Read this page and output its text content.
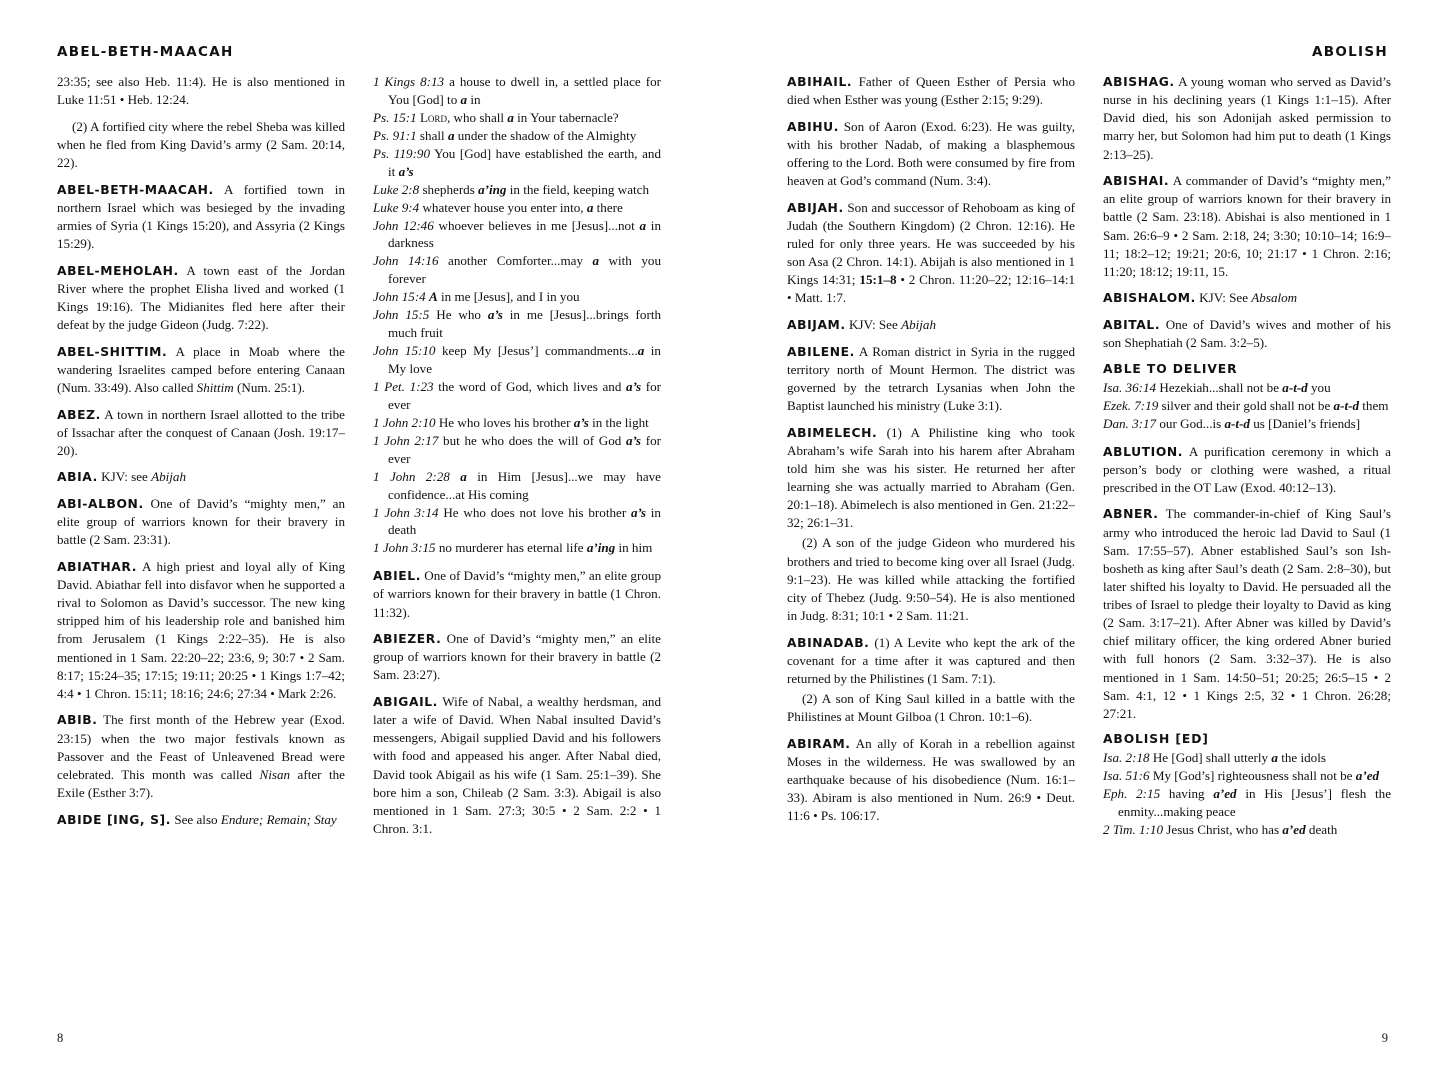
ABEL-BETH-MAACAH	ABOLISH

23:35; see also Heb. 11:4). He is also mentioned in Luke 11:51 • Heb. 12:24.

(2) A fortified city where the rebel Sheba was killed when he fled from King David’s army (2 Sam. 20:14, 22).

ABEL-BETH-MAACAH. A fortified town in northern Israel which was besieged by the invading armies of Syria (1 Kings 15:20), and Assyria (2 Kings 15:29).

ABEL-MEHOLAH. A town east of the Jordan River where the prophet Elisha lived and worked (1 Kings 19:16). The Midianites fled here after their defeat by the judge Gideon (Judg. 7:22).

ABEL-SHITTIM. A place in Moab where the wandering Israelites camped before entering Canaan (Num. 33:49). Also called Shittim (Num. 25:1).

ABEZ. A town in northern Israel allotted to the tribe of Issachar after the conquest of Canaan (Josh. 19:17–20).

ABIA. KJV: see Abijah

ABI-ALBON. One of David’s “mighty men,” an elite group of warriors known for their bravery in battle (2 Sam. 23:31).

ABIATHAR. A high priest and loyal ally of King David. Abiathar fell into disfavor when he supported a rival to Solomon as David’s successor. The new king stripped him of his leadership role and banished him from Jerusalem (1 Kings 2:22–35). He is also mentioned in 1 Sam. 22:20–22; 23:6, 9; 30:7 • 2 Sam. 8:17; 15:24–35; 17:15; 19:11; 20:25 • 1 Kings 1:7–42; 4:4 • 1 Chron. 15:11; 18:16; 24:6; 27:34 • Mark 2:26.

ABIB. The first month of the Hebrew year (Exod. 23:15) when the two major festivals known as Passover and the Feast of Unleavened Bread were celebrated. This month was called Nisan after the Exile (Esther 3:7).

ABIDE [ING, S]. See also Endure; Remain; Stay

1 Kings 8:13 a house to dwell in, a settled place for You [God] to a in

Ps. 15:1 Lord, who shall a in Your tabernacle?

Ps. 91:1 shall a under the shadow of the Almighty

Ps. 119:90 You [God] have established the earth, and it a’s

Luke 2:8 shepherds a’ing in the field, keeping watch

Luke 9:4 whatever house you enter into, a there

John 12:46 whoever believes in me [Jesus]...not a in darkness

John 14:16 another Comforter...may a with you forever

John 15:4 A in me [Jesus], and I in you

John 15:5 He who a’s in me [Jesus]...brings forth much fruit

John 15:10 keep My [Jesus’] commandments...a in My love

1 Pet. 1:23 the word of God, which lives and a’s for ever

1 John 2:10 He who loves his brother a’s in the light

1 John 2:17 but he who does the will of God a’s for ever

1 John 2:28 a in Him [Jesus]...we may have confidence...at His coming

1 John 3:14 He who does not love his brother a’s in death

1 John 3:15 no murderer has eternal life a’ing in him

ABIEL. One of David’s “mighty men,” an elite group of warriors known for their bravery in battle (1 Chron. 11:32).

ABIEZER. One of David’s “mighty men,” an elite group of warriors known for their bravery in battle (2 Sam. 23:27).

ABIGAIL. Wife of Nabal, a wealthy herdsman, and later a wife of David. When Nabal insulted David’s messengers, Abigail supplied David and his followers with food and appeased his anger. After Nabal died, David took Abigail as his wife (1 Sam. 25:1–39). She bore him a son, Chileab (2 Sam. 3:3). Abigail is also mentioned in 1 Sam. 27:3; 30:5 • 2 Sam. 2:2 • 1 Chron. 3:1.

ABIHAIL. Father of Queen Esther of Persia who died when Esther was young (Esther 2:15; 9:29).

ABIHU. Son of Aaron (Exod. 6:23). He was guilty, with his brother Nadab, of making a blasphemous offering to the Lord. Both were consumed by fire from heaven at God’s command (Num. 3:4).

ABIJAH. Son and successor of Rehoboam as king of Judah (the Southern Kingdom) (2 Chron. 12:16). He ruled for only three years. He was succeeded by his son Asa (2 Chron. 14:1). Abijah is also mentioned in 1 Kings 14:31; 15:1–8 • 2 Chron. 11:20–22; 12:16–14:1 • Matt. 1:7.

ABIJAM. KJV: See Abijah

ABILENE. A Roman district in Syria in the rugged territory north of Mount Hermon. The district was governed by the tetrarch Lysanias when John the Baptist launched his ministry (Luke 3:1).

ABIMELECH. (1) A Philistine king who took Abraham’s wife Sarah into his harem after Abraham told him she was his sister. He returned her after learning she was actually married to Abraham (Gen. 20:1–18). Abimelech is also mentioned in Gen. 21:22–32; 26:1–31.

(2) A son of the judge Gideon who murdered his brothers and tried to become king over all Israel (Judg. 9:1–23). He was killed while attacking the fortified city of Thebez (Judg. 9:50–54). He is also mentioned in Judg. 8:31; 10:1 • 2 Sam. 11:21.

ABINADAB. (1) A Levite who kept the ark of the covenant for a time after it was captured and then returned by the Philistines (1 Sam. 7:1).

(2) A son of King Saul killed in a battle with the Philistines at Mount Gilboa (1 Chron. 10:1–6).

ABIRAM. An ally of Korah in a rebellion against Moses in the wilderness. He was swallowed by an earthquake because of his disobedience (Num. 16:1–33). Abiram is also mentioned in Num. 26:9 • Deut. 11:6 • Ps. 106:17.

ABISHAG. A young woman who served as David’s nurse in his declining years (1 Kings 1:1–15). After David died, his son Adonijah asked permission to marry her, but Solomon had him put to death (1 Kings 2:13–25).

ABISHAI. A commander of David’s “mighty men,” an elite group of warriors known for their bravery in battle (2 Sam. 23:18). Abishai is also mentioned in 1 Sam. 26:6–9 • 2 Sam. 2:18, 24; 3:30; 10:10–14; 16:9–11; 18:2–12; 19:21; 20:6, 10; 21:17 • 1 Chron. 2:16; 11:20; 18:12; 19:11, 15.

ABISHALOM. KJV: See Absalom

ABITAL. One of David’s wives and mother of his son Shephatiah (2 Sam. 3:2–5).

ABLE TO DELIVER

Isa. 36:14 Hezekiah...shall not be a-t-d you

Ezek. 7:19 silver and their gold shall not be a-t-d them

Dan. 3:17 our God...is a-t-d us [Daniel’s friends]

ABLUTION. A purification ceremony in which a person’s body or clothing were washed, a ritual prescribed in the OT Law (Exod. 40:12–13).

ABNER. The commander-in-chief of King Saul’s army who introduced the heroic lad David to Saul (1 Sam. 17:55–57). Abner established Saul’s son Ish-bosheth as king after Saul’s death (2 Sam. 2:8–30), but later shifted his loyalty to David. He persuaded all the tribes of Israel to pledge their loyalty to David as king (2 Sam. 3:17–21). After Abner was killed by David’s chief military officer, the king ordered Abner buried with full honors (2 Sam. 3:32–37). He is also mentioned in 1 Sam. 14:50–51; 20:25; 26:5–15 • 2 Sam. 4:1, 12 • 1 Kings 2:5, 32 • 1 Chron. 26:28; 27:21.

ABOLISH [ED]

Isa. 2:18 He [God] shall utterly a the idols

Isa. 51:6 My [God’s] righteousness shall not be a’ed

Eph. 2:15 having a’ed in His [Jesus’] flesh the enmity...making peace

2 Tim. 1:10 Jesus Christ, who has a’ed death

8	9
